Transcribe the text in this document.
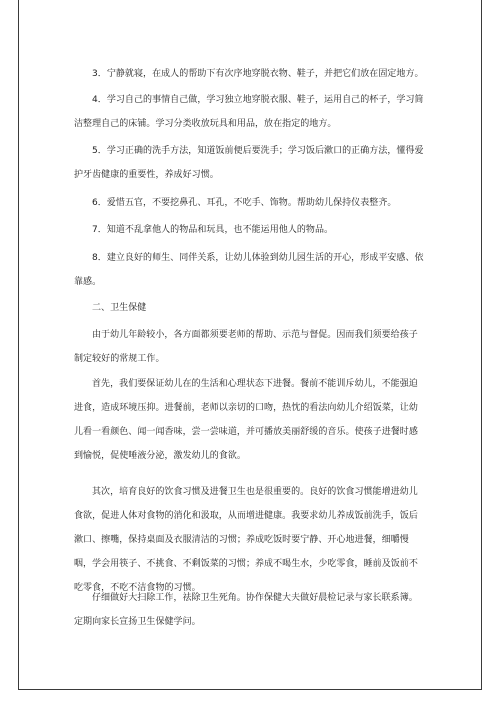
3．宁静就寝，在成人的帮助下有次序地穿脱衣物、鞋子，并把它们放在固定地方。

4．学习自己的事情自己做，学习独立地穿脱衣服、鞋子，运用自己的杯子，学习简洁整理自己的床铺。学习分类收放玩具和用品，放在指定的地方。

5．学习正确的洗手方法，知道饭前便后要洗手；学习饭后漱口的正确方法，懂得爱护牙齿健康的重要性，养成好习惯。

6．爱惜五官，不要挖鼻孔、耳孔，不吃手、饰物。帮助幼儿保持仪表整齐。

7．知道不乱拿他人的物品和玩具，也不能运用他人的物品。

8．建立良好的师生、同伴关系，让幼儿体验到幼儿园生活的开心，形成平安感、依靠感。

二、卫生保健

由于幼儿年龄较小，各方面都须要老师的帮助、示范与督促。因而我们须要给孩子制定较好的常规工作。

首先，我们要保证幼儿在的生活和心理状态下进餐。餐前不能训斥幼儿，不能强迫进食，造成环境压抑。进餐前，老师以亲切的口吻，热忱的看法向幼儿介绍饭菜，让幼儿看一看颜色、闻一闻香味，尝一尝味道，并可播放美丽舒缓的音乐。使孩子进餐时感到愉悦，促使唾液分泌，激发幼儿的食欲。

其次，培育良好的饮食习惯及进餐卫生也是很重要的。良好的饮食习惯能增进幼儿食欲，促进人体对食物的消化和汲取，从而增进健康。我要求幼儿养成饭前洗手，饭后漱口、擦嘴，保持桌面及衣服清洁的习惯；养成吃饭时要宁静、开心地进餐，细嚼慢咽，学会用筷子、不挑食、不剩饭菜的习惯；养成不喝生水，少吃零食，睡前及饭前不吃零食，不吃不洁食物的习惯。

仔细做好大扫除工作，祛除卫生死角。协作保健大夫做好晨检记录与家长联系簿。定期向家长宣扬卫生保健学问。
